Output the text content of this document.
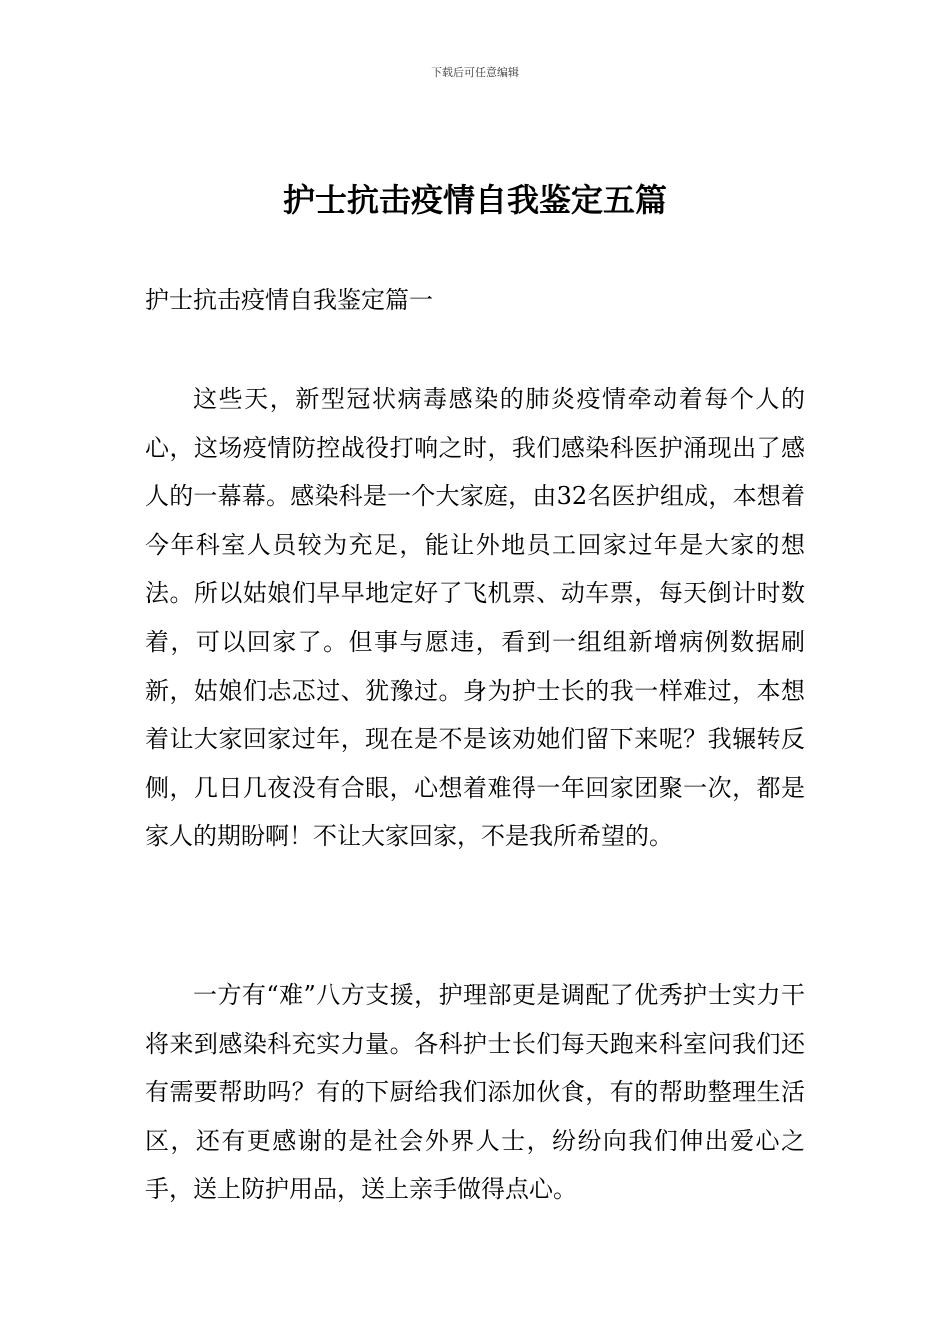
下载后可任意编辑
护士抗击疫情自我鉴定五篇
护士抗击疫情自我鉴定篇一

这些天，新型冠状病毒感染的肺炎疫情牵动着每个人的心，这场疫情防控战役打响之时，我们感染科医护涌现出了感人的一幕幕。感染科是一个大家庭，由32名医护组成，本想着今年科室人员较为充足，能让外地员工回家过年是大家的想法。所以姑娘们早早地定好了飞机票、动车票，每天倒计时数着，可以回家了。但事与愿违，看到一组组新增病例数据刷新，姑娘们忐忑过、犹豫过。身为护士长的我一样难过，本想着让大家回家过年，现在是不是该劝她们留下来呢？我辗转反侧，几日几夜没有合眼，心想着难得一年回家团聚一次，都是家人的期盼啊！不让大家回家，不是我所希望的。

一方有“难”八方支援，护理部更是调配了优秀护士实力干将来到感染科充实力量。各科护士长们每天跑来科室问我们还有需要帮助吗？有的下厨给我们添加伙食，有的帮助整理生活区，还有更感谢的是社会外界人士，纷纷向我们伸出爱心之手，送上防护用品，送上亲手做得点心。
